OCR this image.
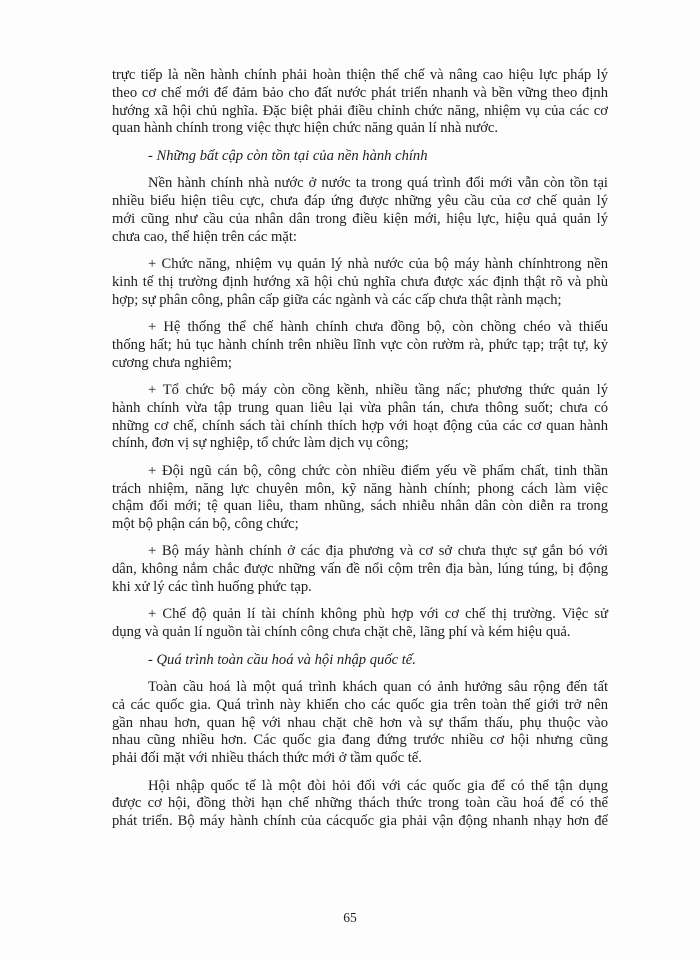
trực tiếp là nền hành chính phải hoàn thiện thể chế và nâng cao hiệu lực pháp lý
theo cơ chế mới để đảm bảo cho đất nước phát triển nhanh và bền vững theo định
hướng xã hội chủ nghĩa. Đặc biệt phải điều chỉnh chức năng, nhiệm vụ của các cơ
quan hành chính trong việc thực hiện chức năng quản lí nhà nước.
- Những bất cập còn tồn tại của nền hành chính
Nền hành chính nhà nước ở nước ta trong quá trình đổi mới vẫn còn tồn tại
nhiều biểu hiện tiêu cực, chưa đáp ứng được những yêu cầu của cơ chế quản lý
mới cũng như cầu của nhân dân trong điều kiện mới, hiệu lực, hiệu quả quản lý
chưa cao, thể hiện trên các mặt:
+ Chức năng, nhiệm vụ quản lý nhà nước của bộ máy hành chínhtrong nền
kinh tế thị trường định hướng xã hội chủ nghĩa chưa được xác định thật rõ và phù
hợp; sự phân công, phân cấp giữa các ngành và các cấp chưa thật rành mạch;
+ Hệ thống thể chế hành chính chưa đồng bộ, còn chồng chéo và thiếu
thống hất; hủ tục hành chính trên nhiều lĩnh vực còn rườm rà, phức tạp; trật tự, kỷ
cương chưa nghiêm;
+ Tổ chức bộ máy còn cồng kềnh, nhiều tầng nấc; phương thức quản lý
hành chính vừa tập trung quan liêu lại vừa phân tán, chưa thông suốt; chưa có
những cơ chế, chính sách tài chính thích hợp với hoạt động của các cơ quan hành
chính, đơn vị sự nghiệp, tổ chức làm dịch vụ công;
+ Đội ngũ cán bộ, công chức còn nhiều điểm yếu về phẩm chất, tinh thần
trách nhiệm, năng lực chuyên môn, kỹ năng hành chính; phong cách làm việc
chậm đổi mới; tệ quan liêu, tham nhũng, sách nhiễu nhân dân còn diễn ra trong
một bộ phận cán bộ, công chức;
+ Bộ máy hành chính ở các địa phương và cơ sở chưa thực sự gắn bó với
dân, không nắm chắc được những vấn đề nổi cộm trên địa bàn, lúng túng, bị động
khi xử lý các tình huống phức tạp.
+ Chế độ quản lí tài chính không phù hợp với cơ chế thị trường. Việc sử
dụng và quản lí nguồn tài chính công chưa chặt chẽ, lãng phí và kém hiệu quả.
- Quá trình toàn cầu hoá và hội nhập quốc tế.
Toàn cầu hoá là một quá trình khách quan có ảnh hưởng sâu rộng đến tất
cả các quốc gia. Quá trình này khiến cho các quốc gia trên toàn thế giới trở nên
gần nhau hơn, quan hệ với nhau chặt chẽ hơn và sự thẩm thấu, phụ thuộc vào
nhau cũng nhiều hơn. Các quốc gia đang đứng trước nhiều cơ hội nhưng cũng
phải đối mặt với nhiều thách thức mới ở tầm quốc tế.
Hội nhập quốc tế là một đòi hỏi đối với các quốc gia để có thể tận dụng
được cơ hội, đồng thời hạn chế những thách thức trong toàn cầu hoá để có thể
phát triển. Bộ máy hành chính của cácquốc gia phải vận động nhanh nhạy hơn để
65
